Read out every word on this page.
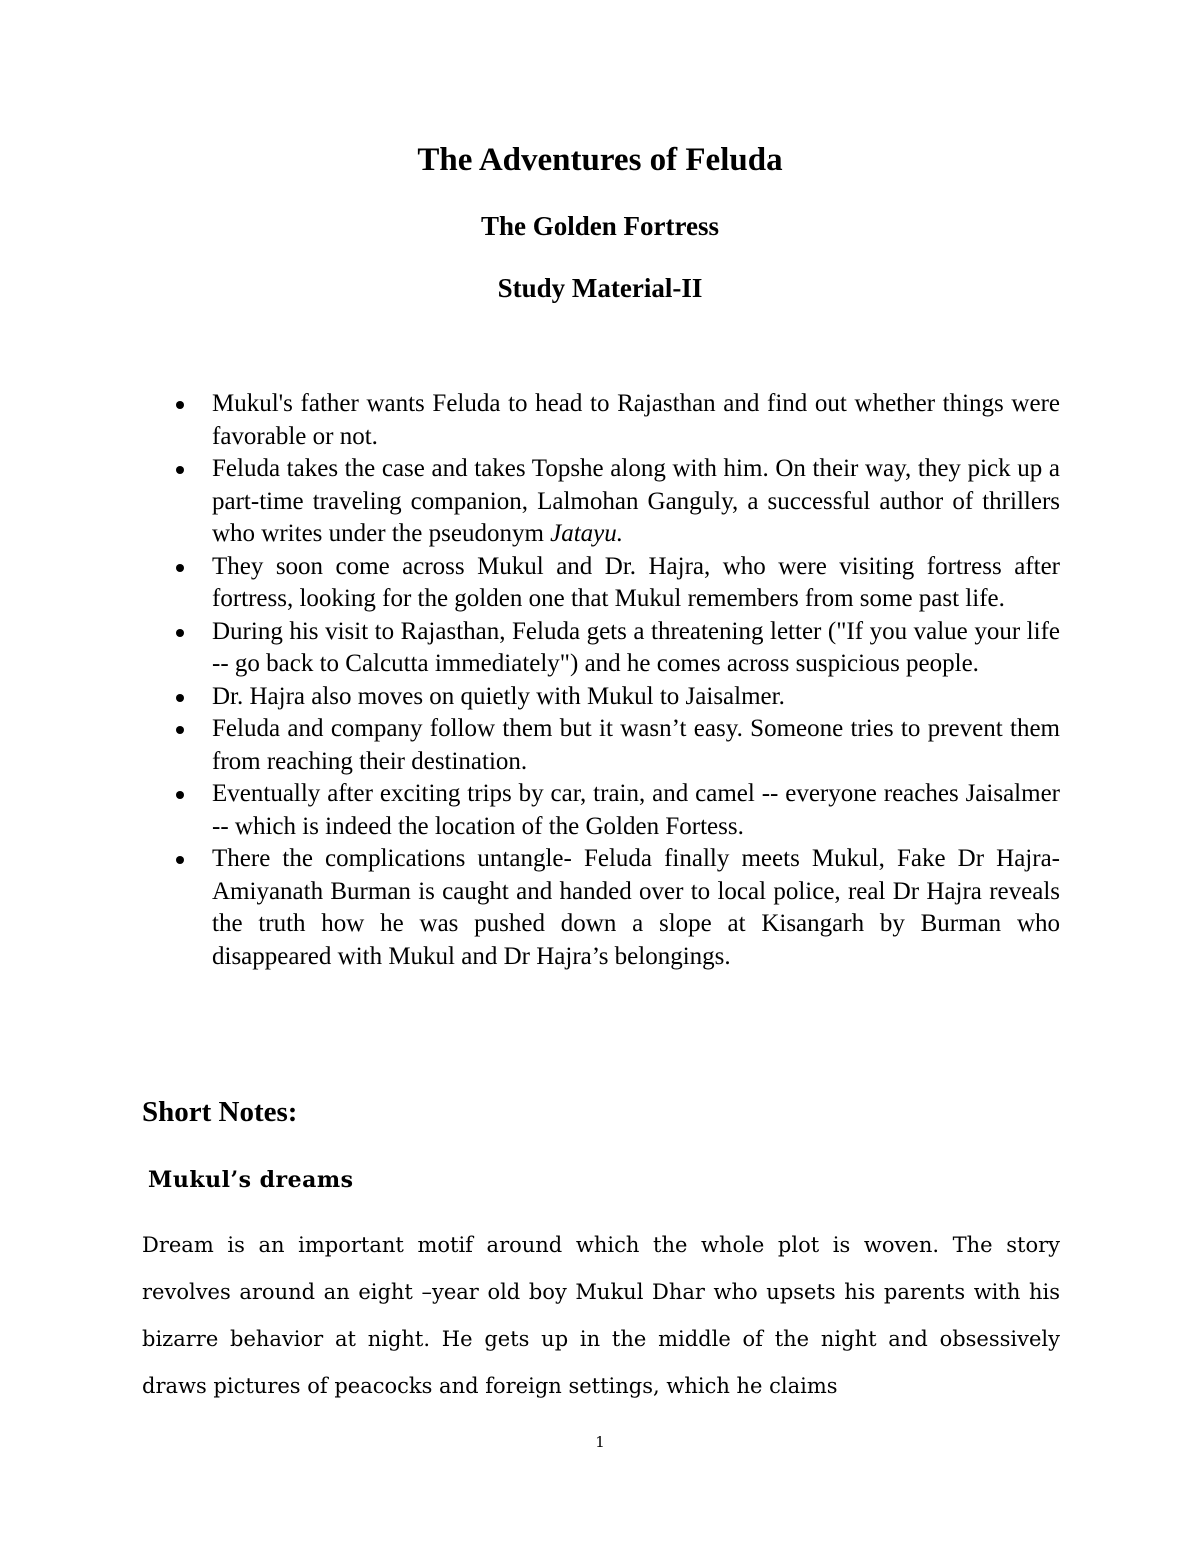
The Adventures of Feluda
The Golden Fortress
Study Material-II
Mukul's father wants Feluda to head to Rajasthan and find out whether things were favorable or not.
Feluda takes the case and takes Topshe along with him. On their way, they pick up a part-time traveling companion, Lalmohan Ganguly, a successful author of thrillers who writes under the pseudonym Jatayu.
They soon come across Mukul and Dr. Hajra, who were visiting fortress after fortress, looking for the golden one that Mukul remembers from some past life.
During his visit to Rajasthan, Feluda gets a threatening letter ("If you value your life -- go back to Calcutta immediately") and he comes across suspicious people.
Dr. Hajra also moves on quietly with Mukul to Jaisalmer.
Feluda and company follow them but it wasn’t easy. Someone tries to prevent them from reaching their destination.
Eventually after exciting trips by car, train, and camel -- everyone reaches Jaisalmer -- which is indeed the location of the Golden Fortess.
There the complications untangle- Feluda finally meets Mukul, Fake Dr Hajra- Amiyanath Burman is caught and handed over to local police, real Dr Hajra reveals the truth how he was pushed down a slope at Kisangarh by Burman who disappeared with Mukul and Dr Hajra’s belongings.
Short Notes:
Mukul’s dreams

Dream is an important motif around which the whole plot is woven. The story revolves around an eight –year old boy Mukul Dhar who upsets his parents with his bizarre behavior at night. He gets up in the middle of the night and obsessively draws pictures of peacocks and foreign settings, which he claims

1
